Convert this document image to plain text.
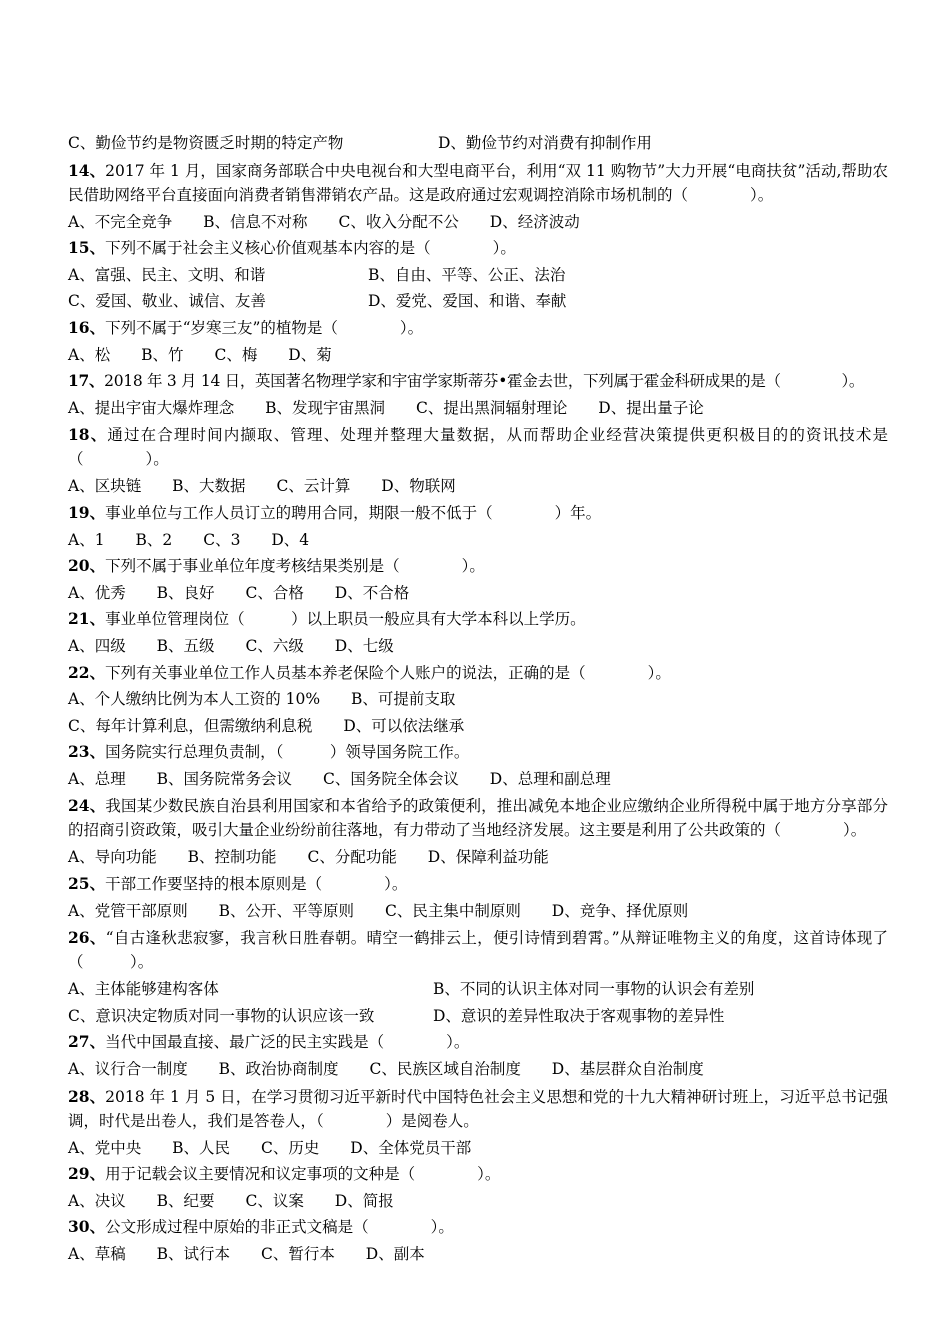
C、勤俭节约是物资匮乏时期的特定产物	D、勤俭节约对消费有抑制作用
14、2017 年 1 月，国家商务部联合中央电视台和大型电商平台，利用“双 11 购物节”大力开展“电商扶贫”活动,帮助农民借助网络平台直接面向消费者销售滞销农产品。这是政府通过宏观调控消除市场机制的（　　　　）。
A、不完全竞争 B、信息不对称 C、收入分配不公 D、经济波动
15、下列不属于社会主义核心价值观基本内容的是（　　　　）。
A、富强、民主、文明、和谐	B、自由、平等、公正、法治
C、爱国、敬业、诚信、友善	D、爱党、爱国、和谐、奉献
16、下列不属于“岁寒三友”的植物是（　　　　）。
A、松 B、竹 C、梅 D、菊
17、2018 年 3 月 14 日，英国著名物理学家和宇宙学家斯蒂芬•霍金去世，下列属于霍金科研成果的是（　　　　）。
A、提出宇宙大爆炸理念 B、发现宇宙黑洞 C、提出黑洞辐射理论 D、提出量子论
18、通过在合理时间内撷取、管理、处理并整理大量数据，从而帮助企业经营决策提供更积极目的的资讯技术是（　　　　）。
A、区块链 B、大数据 C、云计算 D、物联网
19、事业单位与工作人员订立的聘用合同，期限一般不低于（　　　　）年。
A、1 B、2 C、3 D、4
20、下列不属于事业单位年度考核结果类别是（　　　　）。
A、优秀 B、良好 C、合格 D、不合格
21、事业单位管理岗位（　　　）以上职员一般应具有大学本科以上学历。
A、四级 B、五级 C、六级 D、七级
22、下列有关事业单位工作人员基本养老保险个人账户的说法，正确的是（　　　　）。
A、个人缴纳比例为本人工资的 10% B、可提前支取
C、每年计算利息，但需缴纳利息税 D、可以依法继承
23、国务院实行总理负责制，（　　　）领导国务院工作。
A、总理 B、国务院常务会议 C、国务院全体会议 D、总理和副总理
24、我国某少数民族自治县利用国家和本省给予的政策便利，推出减免本地企业应缴纳企业所得税中属于地方分享部分的招商引资政策，吸引大量企业纷纷前往落地，有力带动了当地经济发展。这主要是利用了公共政策的（　　　　）。
A、导向功能 B、控制功能 C、分配功能 D、保障利益功能
25、干部工作要坚持的根本原则是（　　　　）。
A、党管干部原则 B、公开、平等原则 C、民主集中制原则 D、竞争、择优原则
26、“自古逢秋悲寂寥，我言秋日胜春朝。晴空一鹤排云上，便引诗情到碧霄。”从辩证唯物主义的角度，这首诗体现了（　　　）。
A、主体能够建构客体	B、不同的认识主体对同一事物的认识会有差别
C、意识决定物质对同一事物的认识应该一致	D、意识的差异性取决于客观事物的差异性
27、当代中国最直接、最广泛的民主实践是（　　　　）。
A、议行合一制度 B、政治协商制度 C、民族区域自治制度 D、基层群众自治制度
28、2018 年 1 月 5 日，在学习贯彻习近平新时代中国特色社会主义思想和党的十九大精神研讨班上，习近平总书记强调，时代是出卷人，我们是答卷人，（　　　　）是阅卷人。
A、党中央 B、人民 C、历史 D、全体党员干部
29、用于记载会议主要情况和议定事项的文种是（　　　　）。
A、决议 B、纪要 C、议案 D、简报
30、公文形成过程中原始的非正式文稿是（　　　　）。
A、草稿 B、试行本 C、暂行本 D、副本
